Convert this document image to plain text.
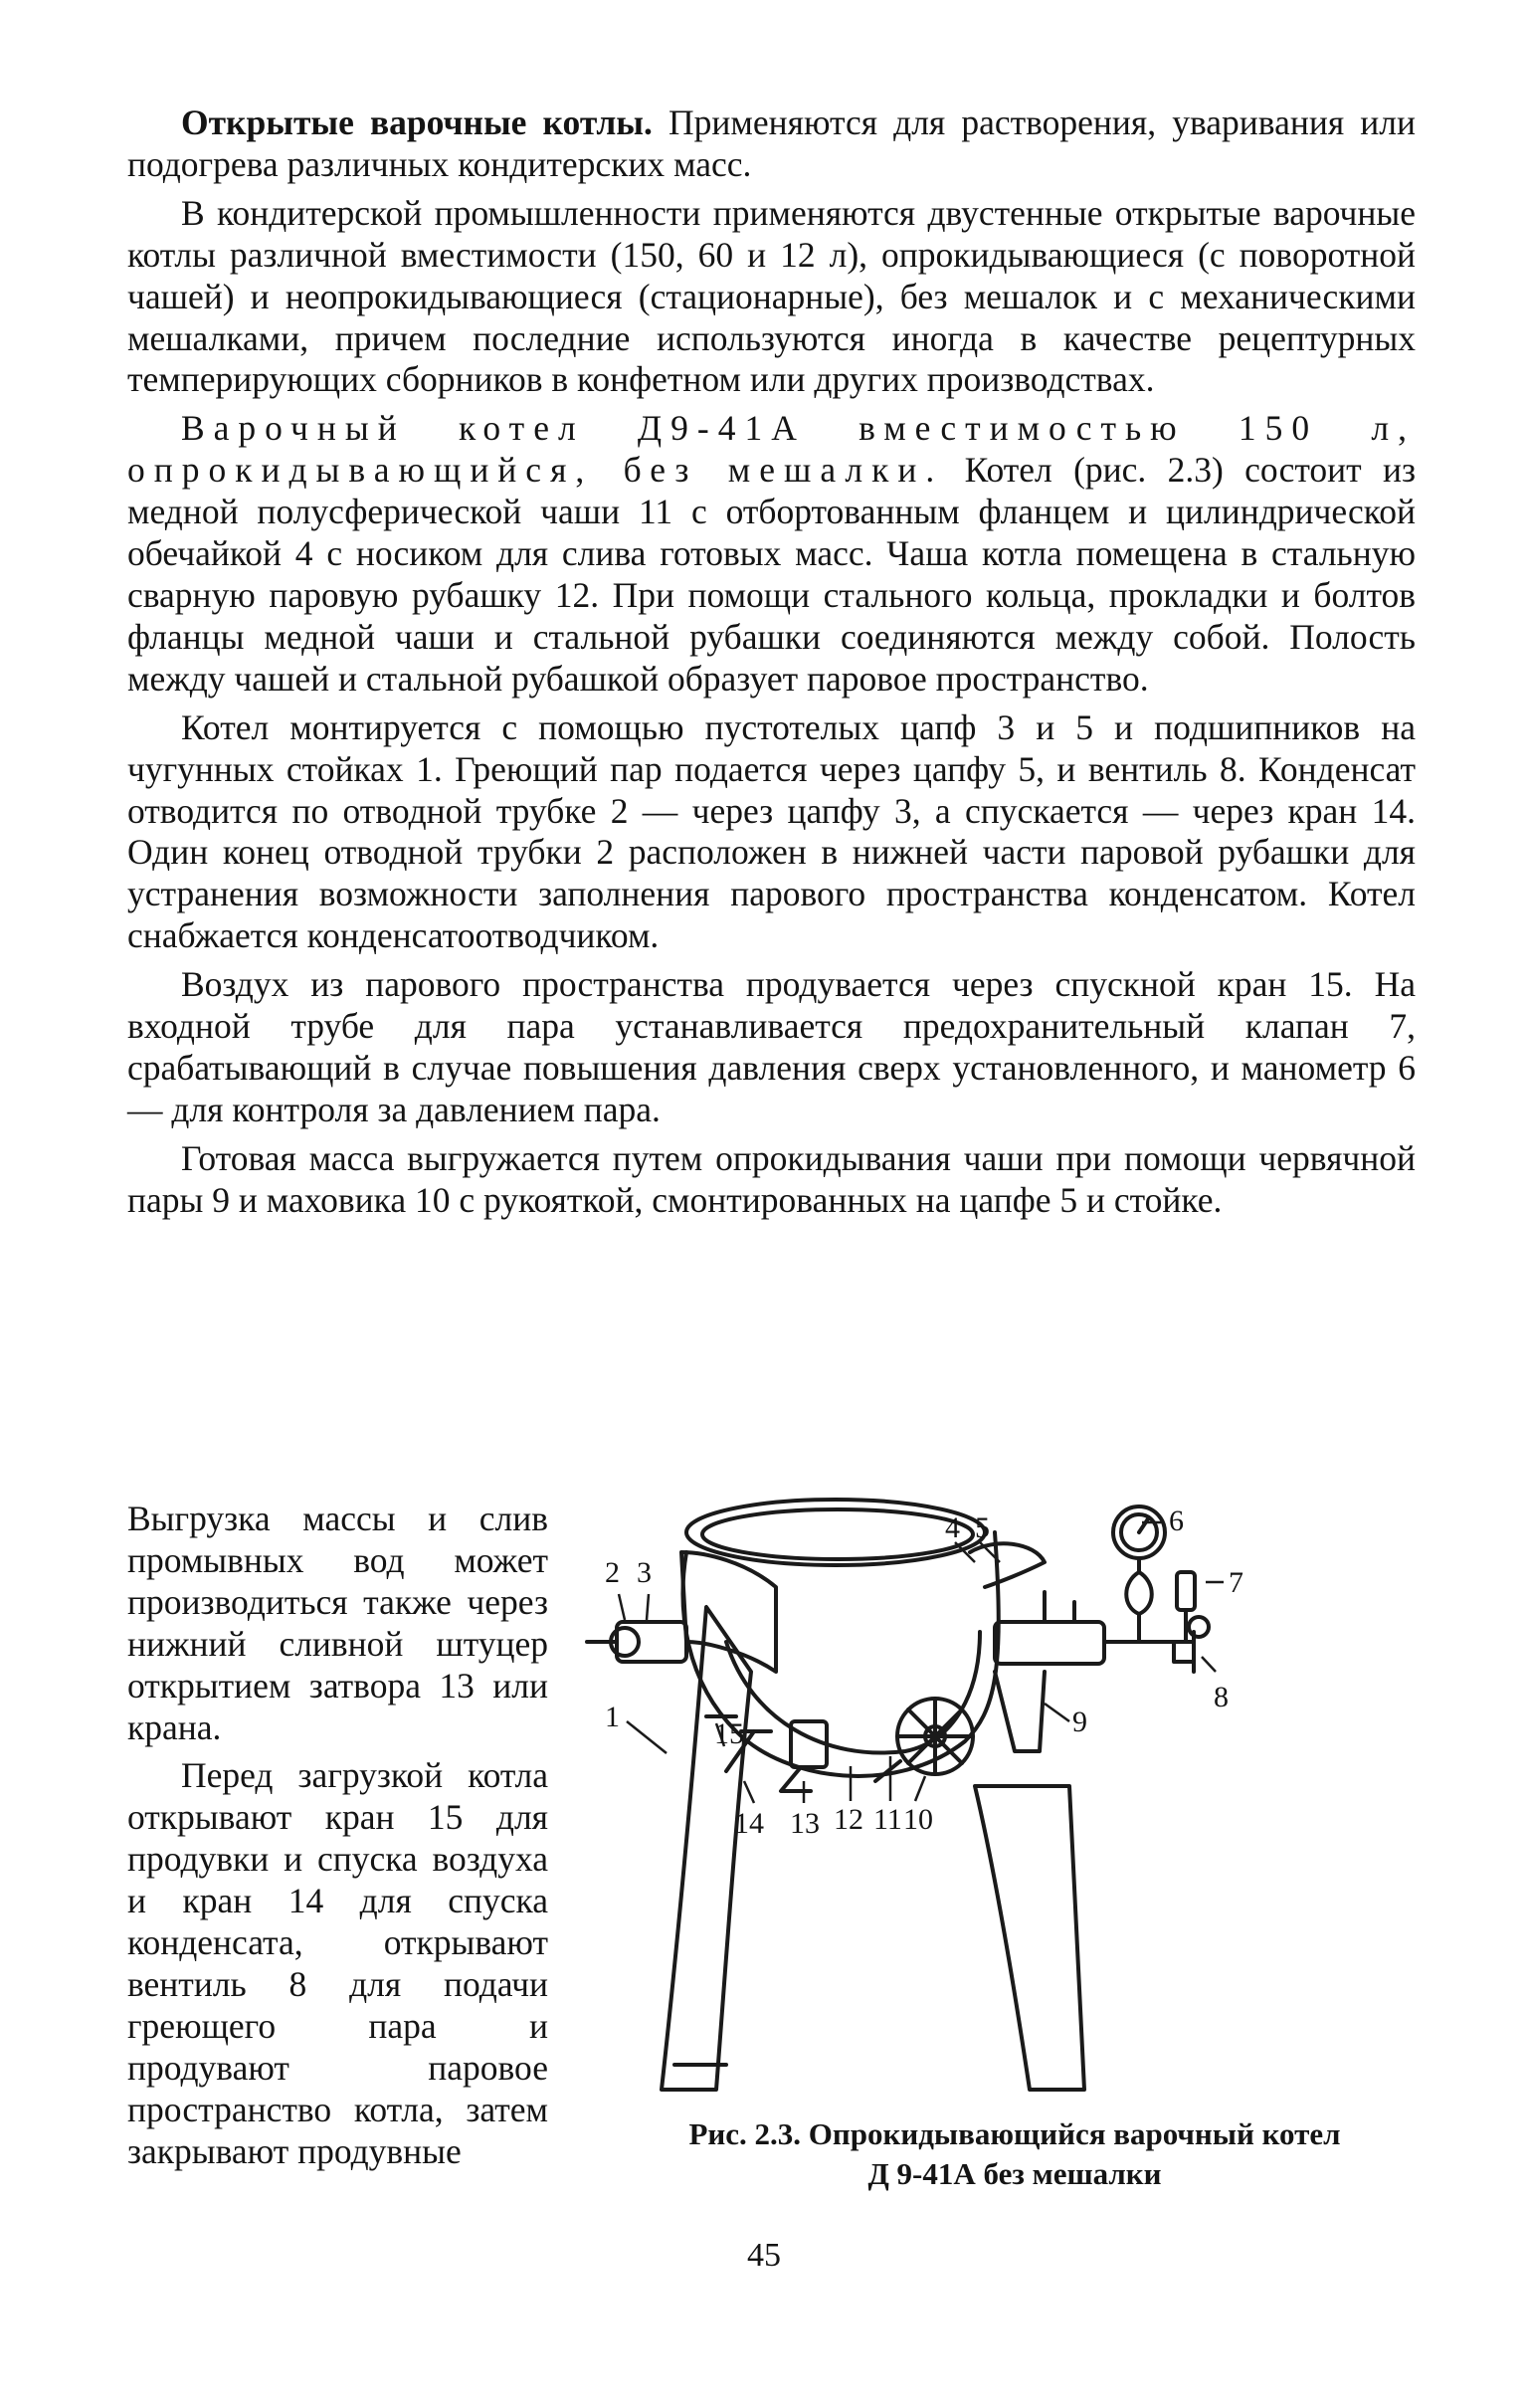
Открытые варочные котлы. Применяются для растворения, уваривания или подогрева различных кондитерских масс.

В кондитерской промышленности применяются двустенные открытые варочные котлы различной вместимости (150, 60 и 12 л), опрокидывающиеся (с поворотной чашей) и неопрокидывающиеся (стационарные), без мешалок и с механическими мешалками, причем последние используются иногда в качестве рецептурных темперирующих сборников в конфетном или других производствах.

Варочный котел Д9-41А вместимостью 150 л, опрокидывающийся, без мешалки. Котел (рис. 2.3) состоит из медной полусферической чаши 11 с отбортованным фланцем и цилиндрической обечайкой 4 с носиком для слива готовых масс. Чаша котла помещена в стальную сварную паровую рубашку 12. При помощи стального кольца, прокладки и болтов фланцы медной чаши и стальной рубашки соединяются между собой. Полость между чашей и стальной рубашкой образует паровое пространство.

Котел монтируется с помощью пустотелых цапф 3 и 5 и подшипников на чугунных стойках 1. Греющий пар подается через цапфу 5, и вентиль 8. Конденсат отводится по отводной трубке 2 — через цапфу 3, а спускается — через кран 14. Один конец отводной трубки 2 расположен в нижней части паровой рубашки для устранения возможности заполнения парового пространства конденсатом. Котел снабжается конденсатоотводчиком.

Воздух из парового пространства продувается через спускной кран 15. На входной трубе для пара устанавливается предохранительный клапан 7, срабатывающий в случае повышения давления сверх установленного, и манометр 6 — для контроля за давлением пара.

Готовая масса выгружается путем опрокидывания чаши при помощи червячной пары 9 и маховика 10 с рукояткой, смонтированных на цапфе 5 и стойке.

Выгрузка массы и слив промывных вод может производиться также через нижний сливной штуцер открытием затвора 13 или крана.

Перед загрузкой котла открывают кран 15 для продувки и спуска воздуха и кран 14 для спуска конденсата, открывают вентиль 8 для подачи греющего пара и продувают паровое пространство котла, затем закрывают продувные

2 3
1
4 5	6
7
8
9
10
11
12
13
14
15
Рис. 2.3. Опрокидывающийся варочный котел
Д 9-41А без мешалки
45
